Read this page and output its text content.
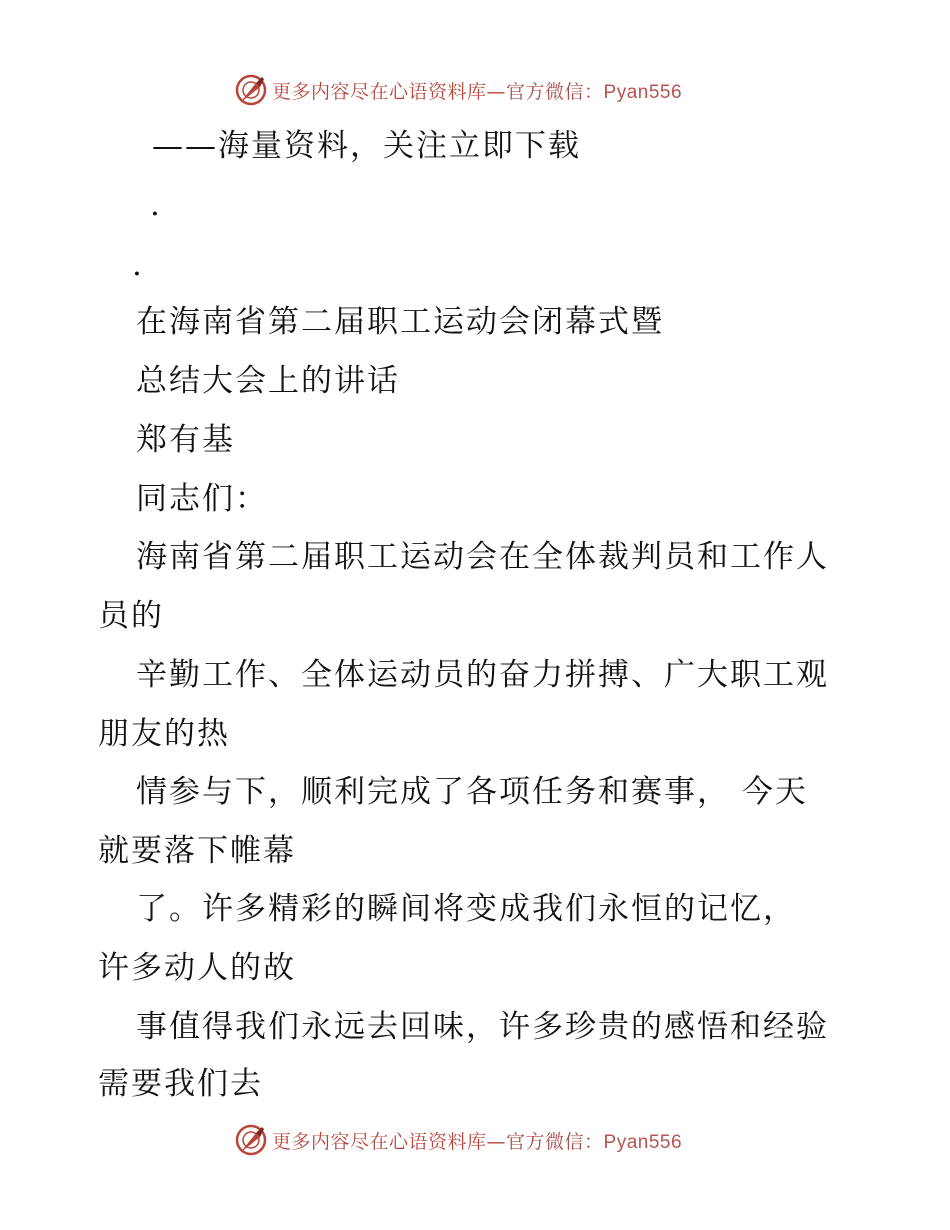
更多内容尽在心语资料库—官方微信：Pyan556
——海量资料，关注立即下载
·
·
在海南省第二届职工运动会闭幕式暨
总结大会上的讲话
郑有基
同志们：
海南省第二届职工运动会在全体裁判员和工作人
员的
辛勤工作、全体运动员的奋力拼搏、广大职工观
朋友的热
情参与下，顺利完成了各项任务和赛事， 今天
就要落下帷幕
了。许多精彩的瞬间将变成我们永恒的记忆，
许多动人的故
事值得我们永远去回味，许多珍贵的感悟和经验
需要我们去
更多内容尽在心语资料库—官方微信：Pyan556
